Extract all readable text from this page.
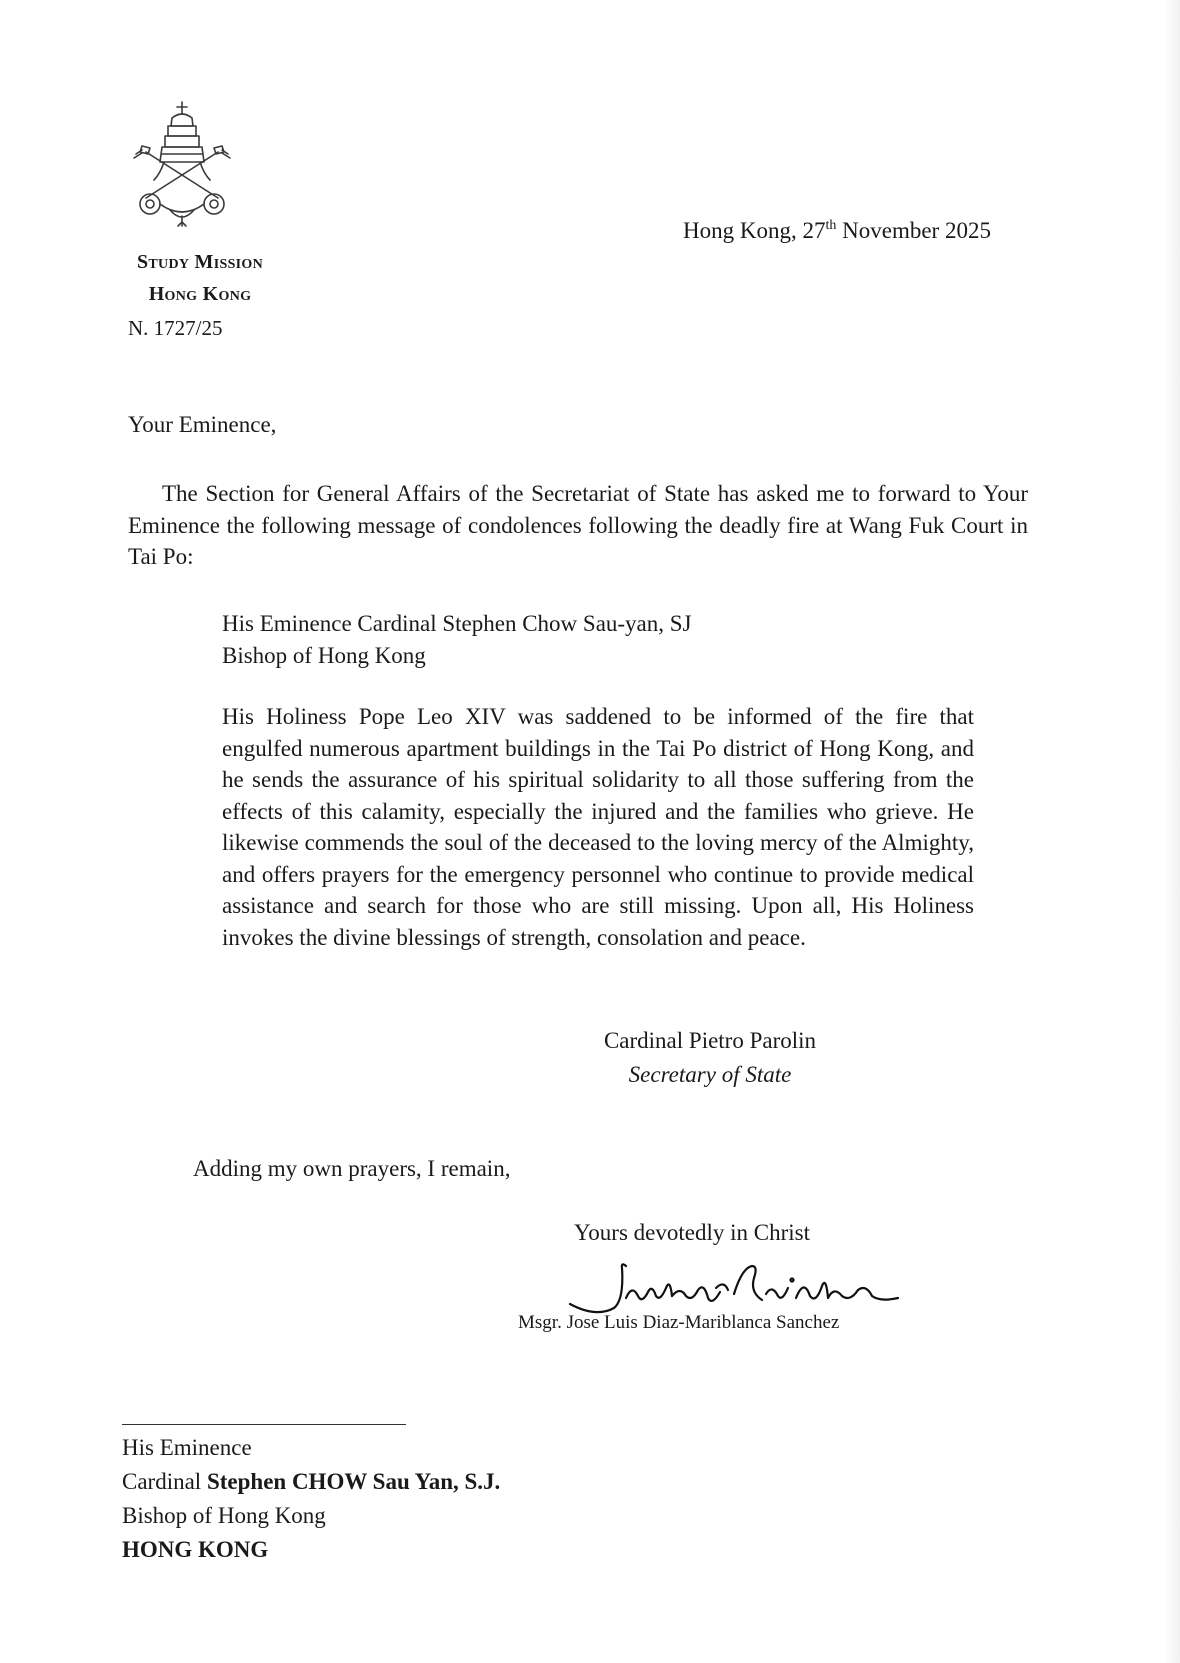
Study Mission
Hong Kong
N. 1727/25
Hong Kong, 27th November 2025
Your Eminence,

The Section for General Affairs of the Secretariat of State has asked me to forward to Your Eminence the following message of condolences following the deadly fire at Wang Fuk Court in Tai Po:

His Eminence Cardinal Stephen Chow Sau-yan, SJ
Bishop of Hong Kong

His Holiness Pope Leo XIV was saddened to be informed of the fire that engulfed numerous apartment buildings in the Tai Po district of Hong Kong, and he sends the assurance of his spiritual solidarity to all those suffering from the effects of this calamity, especially the injured and the families who grieve. He likewise commends the soul of the deceased to the loving mercy of the Almighty, and offers prayers for the emergency personnel who continue to provide medical assistance and search for those who are still missing. Upon all, His Holiness invokes the divine blessings of strength, consolation and peace.

Cardinal Pietro Parolin
Secretary of State
Adding my own prayers, I remain,
Yours devotedly in Christ
Msgr. Jose Luis Diaz-Mariblanca Sanchez
His Eminence
Cardinal Stephen CHOW Sau Yan, S.J.
Bishop of Hong Kong
HONG KONG
